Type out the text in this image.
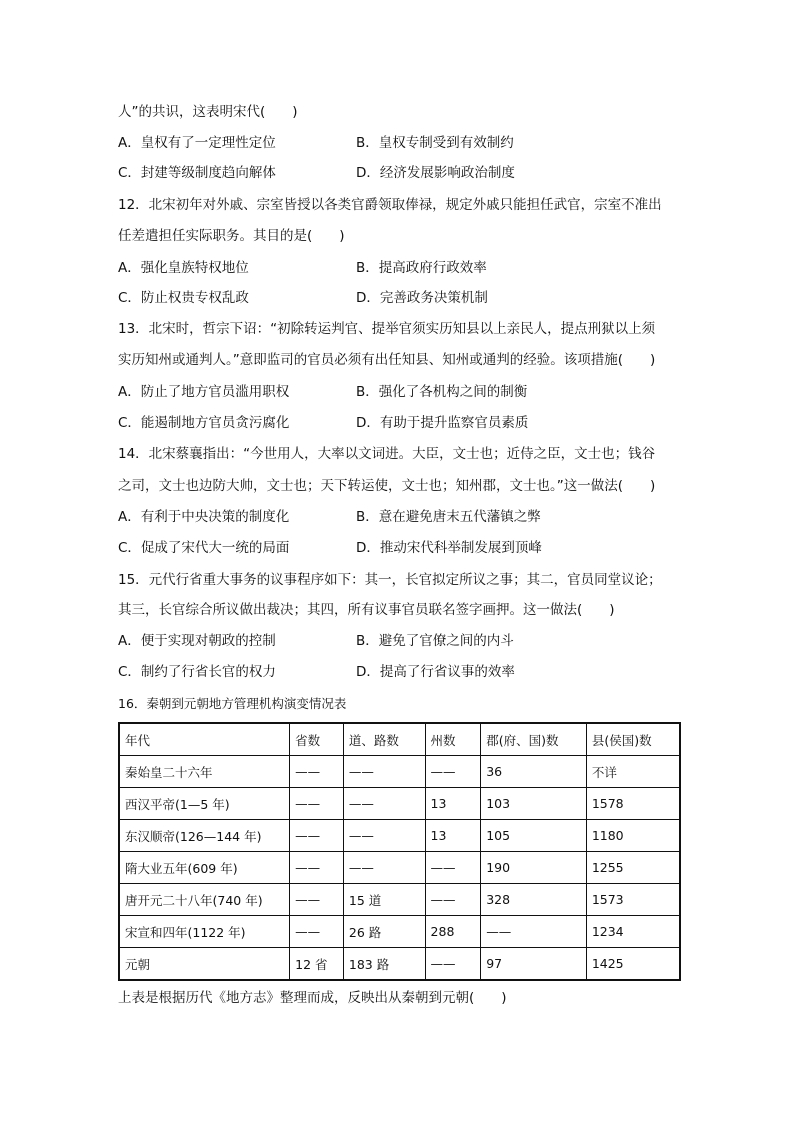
人”的共识，这表明宋代(　　)
A．皇权有了一定理性定位	B．皇权专制受到有效制约
C．封建等级制度趋向解体	D．经济发展影响政治制度
12．北宋初年对外戚、宗室皆授以各类官爵领取俸禄，规定外戚只能担任武官，宗室不准出
任差遣担任实际职务。其目的是(　　)
A．强化皇族特权地位	B．提高政府行政效率
C．防止权贵专权乱政	D．完善政务决策机制
13．北宋时，哲宗下诏：“初除转运判官、提举官须实历知县以上亲民人，提点刑狱以上须
实历知州或通判人。”意即监司的官员必须有出任知县、知州或通判的经验。该项措施(　　)
A．防止了地方官员滥用职权	B．强化了各机构之间的制衡
C．能遏制地方官员贪污腐化	D．有助于提升监察官员素质
14．北宋蔡襄指出：“今世用人，大率以文词进。大臣，文士也；近侍之臣，文士也；钱谷
之司，文士也边防大帅，文士也；天下转运使，文士也；知州郡，文士也。”这一做法(　　)
A．有利于中央决策的制度化	B．意在避免唐末五代藩镇之弊
C．促成了宋代大一统的局面	D．推动宋代科举制发展到顶峰
15．元代行省重大事务的议事程序如下：其一，长官拟定所议之事；其二，官员同堂议论；
其三，长官综合所议做出裁决；其四，所有议事官员联名签字画押。这一做法(　　)
A．便于实现对朝政的控制	B．避免了官僚之间的内斗
C．制约了行省长官的权力	D．提高了行省议事的效率
16．秦朝到元朝地方管理机构演变情况表
年代	省数	道、路数	州数	郡(府、国)数	县(侯国)数
秦始皇二十六年	——	——	——	36	不详
西汉平帝(1—5 年)	——	——	13	103	1578
东汉顺帝(126—144 年)	——	——	13	105	1180
隋大业五年(609 年)	——	——	——	190	1255
唐开元二十八年(740 年)	——	15 道	——	328	1573
宋宣和四年(1122 年)	——	26 路	288	——	1234
元朝	12 省	183 路	——	97	1425
上表是根据历代《地方志》整理而成，反映出从秦朝到元朝(　　)
